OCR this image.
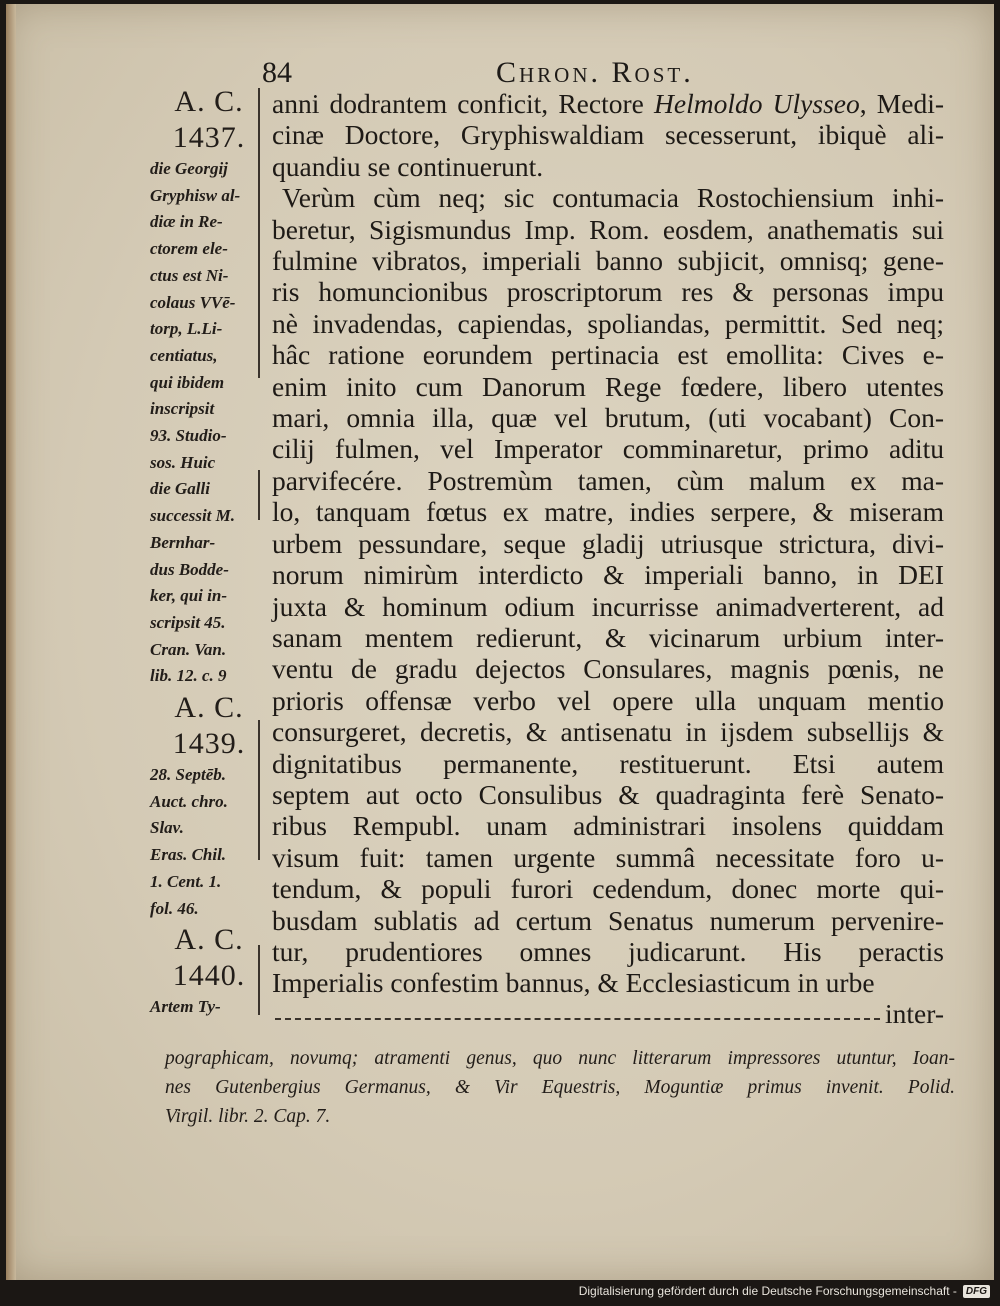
84	Chron. Rost.
A. C.
1437.
die Georgij
Gryphisw al-
diæ in Re-
ctorem ele-
ctus est Ni-
colaus VVē-
torp, L.Li-
centiatus,
qui ibidem
inscripsit
93. Studio-
sos. Huic
die Galli
successit M.
Bernhar-
dus Bodde-
ker, qui in-
scripsit 45.
Cran. Van.
lib. 12. c. 9
A. C.
1439.
28. Septēb.
Auct. chro.
Slav.
Eras. Chil.
1. Cent. 1.
fol. 46.
A. C.
1440.
Artem Ty-
anni dodrantem conficit, Rectore Helmoldo Ulysseo, Medi-
cinæ Doctore, Gryphiswaldiam secesserunt, ibiquè ali-
quandiu se continuerunt.
Verùm cùm neq; sic contumacia Rostochiensium inhi-
beretur, Sigismundus Imp. Rom. eosdem, anathematis sui
fulmine vibratos, imperiali banno subjicit, omnisq; gene-
ris homuncionibus proscriptorum res & personas impu
nè invadendas, capiendas, spoliandas, permittit. Sed neq;
hâc ratione eorundem pertinacia est emollita: Cives e-
enim inito cum Danorum Rege fœdere, libero utentes
mari, omnia illa, quæ vel brutum, (uti vocabant) Con-
cilij fulmen, vel Imperator comminaretur, primo aditu
parvifecére. Postremùm tamen, cùm malum ex ma-
lo, tanquam fœtus ex matre, indies serpere, & miseram
urbem pessundare, seque gladij utriusque strictura, divi-
norum nimirùm interdicto & imperiali banno, in DEI
juxta & hominum odium incurrisse animadverterent, ad
sanam mentem redierunt, & vicinarum urbium inter-
ventu de gradu dejectos Consulares, magnis pœnis, ne
prioris offensæ verbo vel opere ulla unquam mentio
consurgeret, decretis, & antisenatu in ijsdem subsellijs &
dignitatibus permanente, restituerunt. Etsi autem
septem aut octo Consulibus & quadraginta ferè Senato-
ribus Rempubl. unam administrari insolens quiddam
visum fuit: tamen urgente summâ necessitate foro u-
tendum, & populi furori cedendum, donec morte qui-
busdam sublatis ad certum Senatus numerum pervenire-
tur, prudentiores omnes judicarunt. His peractis
Imperialis confestim bannus, & Ecclesiasticum in urbe
inter-
pographicam, novumq; atramenti genus, quo nunc litterarum impressores utuntur, Ioan-
nes Gutenbergius Germanus, & Vir Equestris, Moguntiæ primus invenit. Polid.
Virgil. libr. 2. Cap. 7.
Digitalisierung gefördert durch die Deutsche Forschungsgemeinschaft - DFG
